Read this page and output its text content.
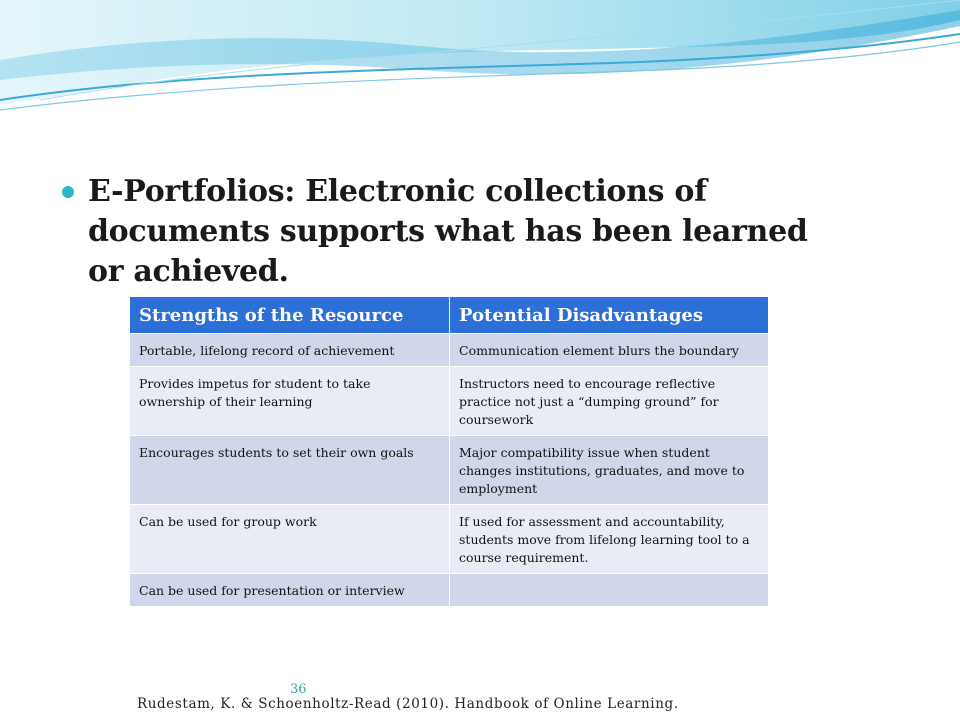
E-Portfolios: Electronic collections of documents supports what has been learned or achieved.
Strengths of the Resource	Potential Disadvantages
Portable, lifelong record of achievement	Communication element blurs the boundary
Provides impetus for student to take ownership of their learning	Instructors need to encourage reflective practice not just a “dumping ground” for coursework
Encourages students to set their own goals	Major compatibility issue when student changes institutions, graduates, and move to employment
Can be used for group work	If used for assessment and accountability, students move from lifelong learning tool to a course requirement.
Can be used for presentation or interview	
36
Rudestam, K. & Schoenholtz-Read (2010). Handbook of Online Learning.
